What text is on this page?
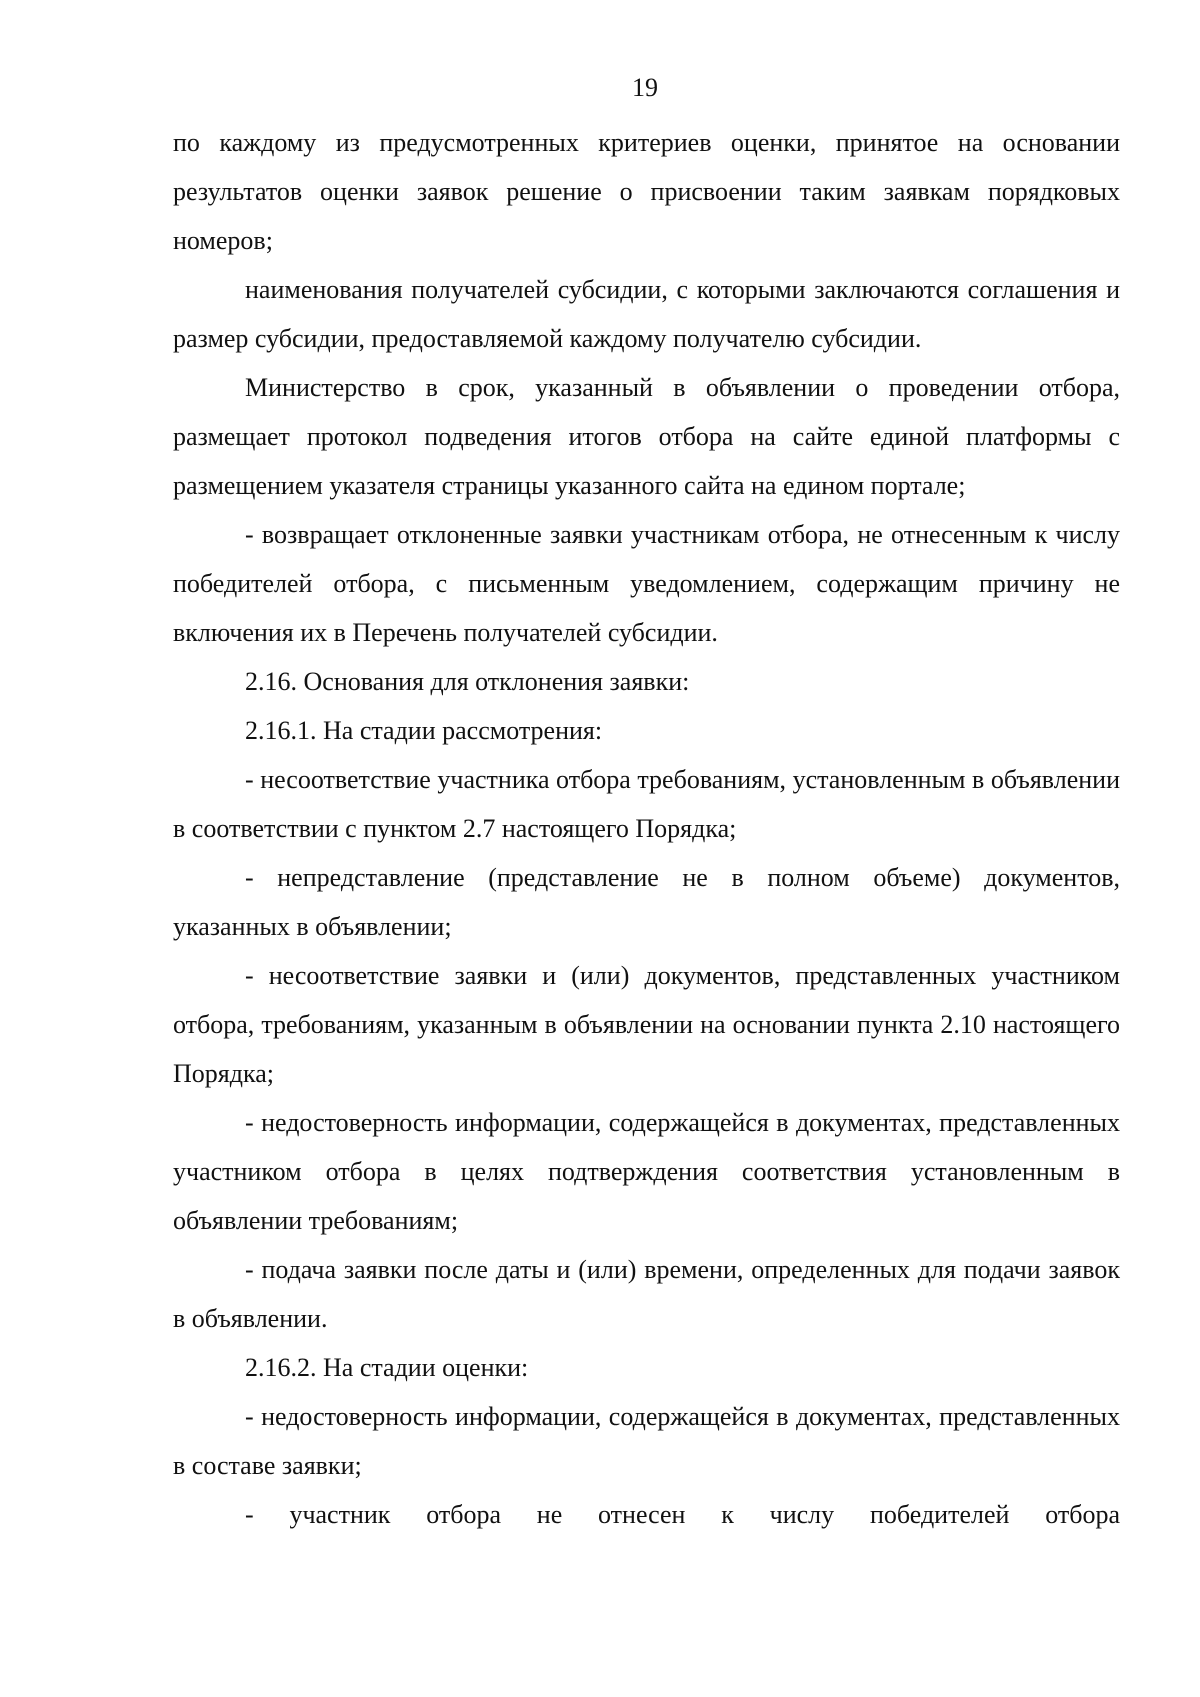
19

по каждому из предусмотренных критериев оценки, принятое на основании результатов оценки заявок решение о присвоении таким заявкам порядковых номеров;

наименования получателей субсидии, с которыми заключаются соглашения и размер субсидии, предоставляемой каждому получателю субсидии.

Министерство в срок, указанный в объявлении о проведении отбора, размещает протокол подведения итогов отбора на сайте единой платформы с размещением указателя страницы указанного сайта на едином портале;

- возвращает отклоненные заявки участникам отбора, не отнесенным к числу победителей отбора, с письменным уведомлением, содержащим причину не включения их в Перечень получателей субсидии.

2.16. Основания для отклонения заявки:

2.16.1. На стадии рассмотрения:

- несоответствие участника отбора требованиям, установленным в объявлении в соответствии с пунктом 2.7 настоящего Порядка;

- непредставление (представление не в полном объеме) документов, указанных в объявлении;

- несоответствие заявки и (или) документов, представленных участником отбора, требованиям, указанным в объявлении на основании пункта 2.10 настоящего Порядка;

- недостоверность информации, содержащейся в документах, представленных участником отбора в целях подтверждения соответствия установленным в объявлении требованиям;

- подача заявки после даты и (или) времени, определенных для подачи заявок в объявлении.

2.16.2. На стадии оценки:

- недостоверность информации, содержащейся в документах, представленных в составе заявки;

- участник отбора не отнесен к числу победителей отбора
